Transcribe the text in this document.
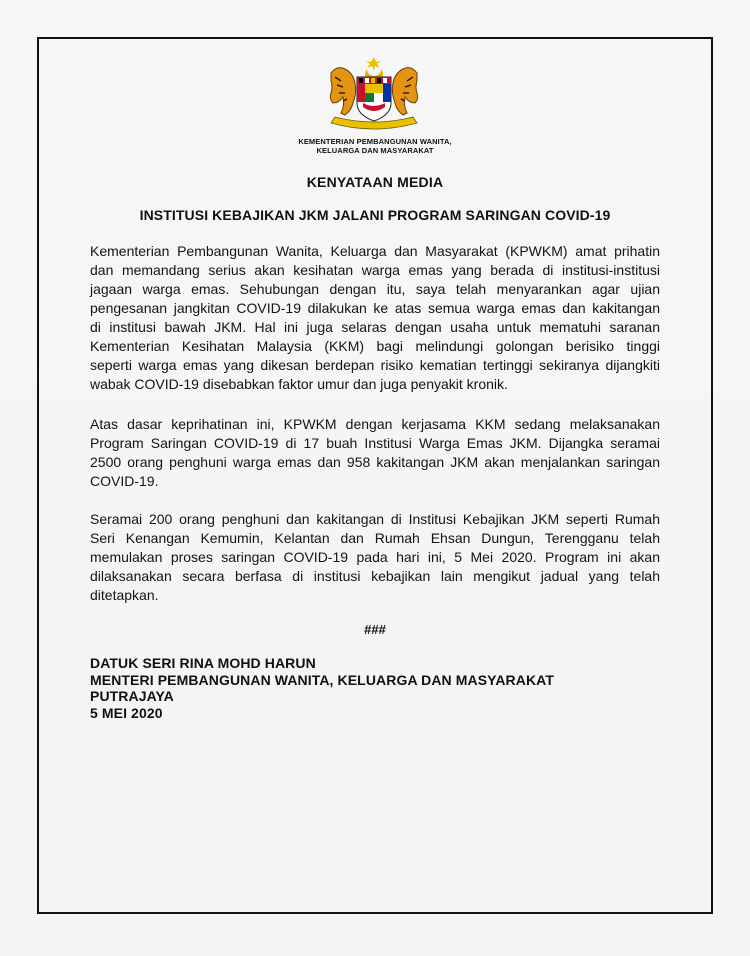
KEMENTERIAN PEMBANGUNAN WANITA,
KELUARGA DAN MASYARAKAT
KENYATAAN MEDIA
INSTITUSI KEBAJIKAN JKM JALANI PROGRAM SARINGAN COVID-19
Kementerian Pembangunan Wanita, Keluarga dan Masyarakat (KPWKM) amat prihatin
dan memandang serius akan kesihatan warga emas yang berada di institusi-institusi
jagaan warga emas. Sehubungan dengan itu, saya telah menyarankan agar ujian
pengesanan jangkitan COVID-19 dilakukan ke atas semua warga emas dan kakitangan
di institusi bawah JKM. Hal ini juga selaras dengan usaha untuk mematuhi saranan
Kementerian Kesihatan Malaysia (KKM) bagi melindungi golongan berisiko tinggi
seperti warga emas yang dikesan berdepan risiko kematian tertinggi sekiranya dijangkiti
wabak COVID-19 disebabkan faktor umur dan juga penyakit kronik.
Atas dasar keprihatinan ini, KPWKM dengan kerjasama KKM sedang melaksanakan
Program Saringan COVID-19 di 17 buah Institusi Warga Emas JKM. Dijangka seramai
2500 orang penghuni warga emas dan 958 kakitangan JKM akan menjalankan saringan
COVID-19.
Seramai 200 orang penghuni dan kakitangan di Institusi Kebajikan JKM seperti Rumah
Seri Kenangan Kemumin, Kelantan dan Rumah Ehsan Dungun, Terengganu telah
memulakan proses saringan COVID-19 pada hari ini, 5 Mei 2020. Program ini akan
dilaksanakan secara berfasa di institusi kebajikan lain mengikut jadual yang telah
ditetapkan.
###
DATUK SERI RINA MOHD HARUN
MENTERI PEMBANGUNAN WANITA, KELUARGA DAN MASYARAKAT
PUTRAJAYA
5 MEI 2020
